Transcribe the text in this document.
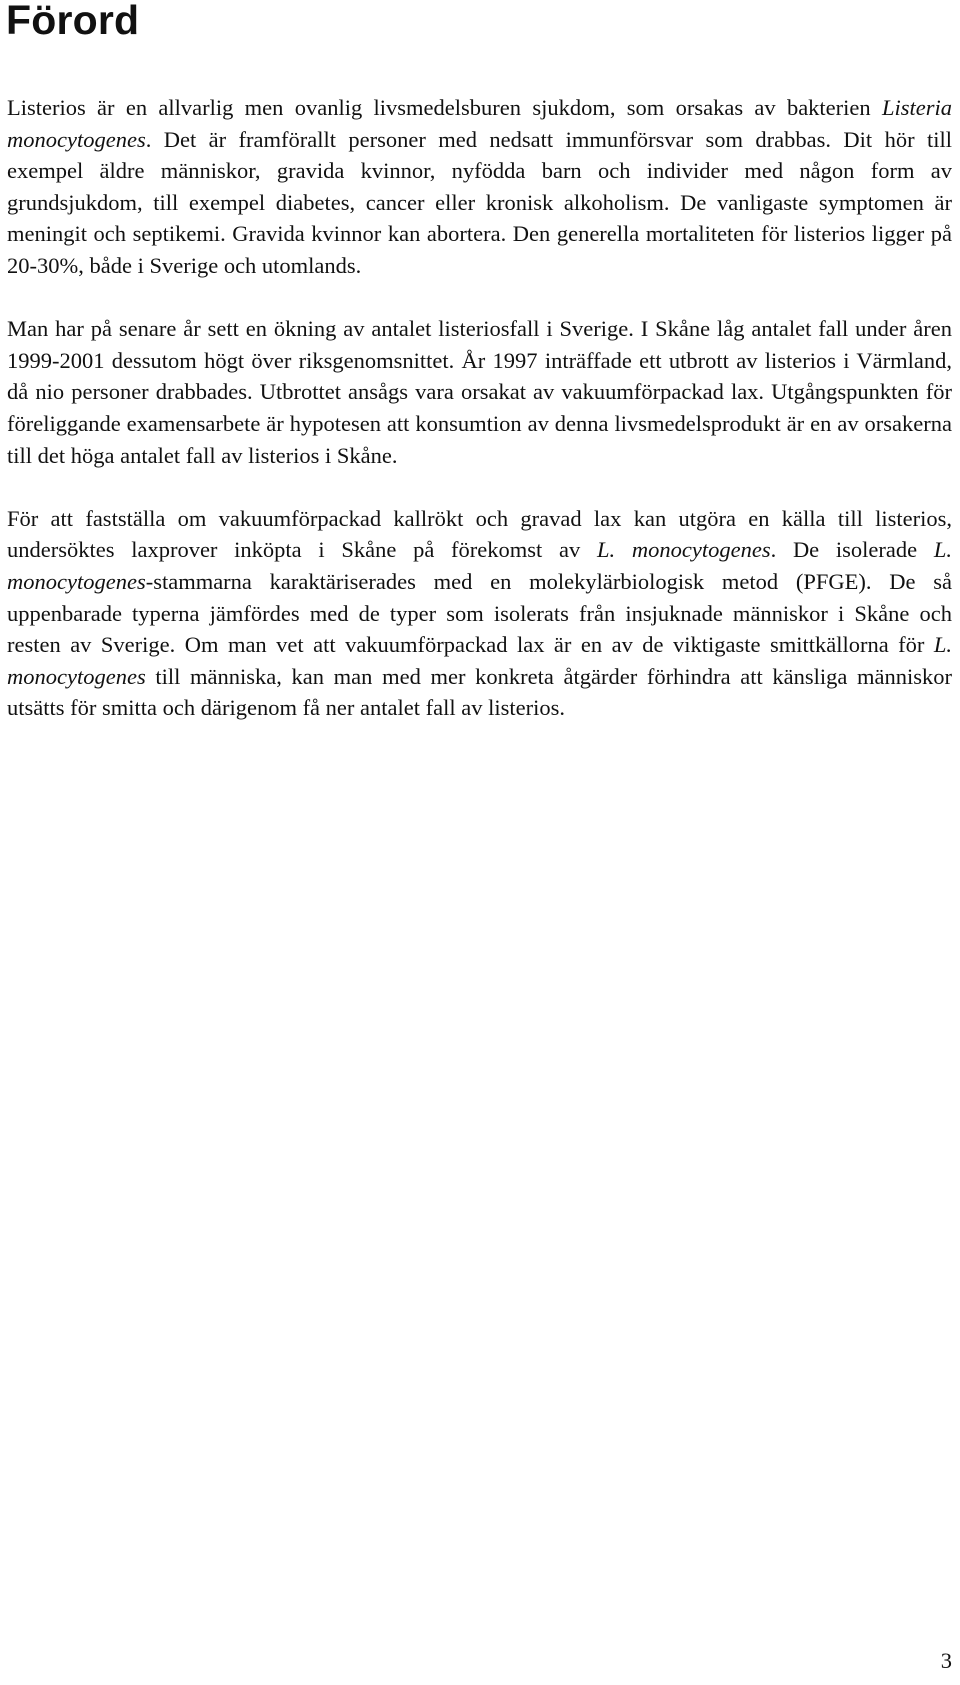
Förord

Listerios är en allvarlig men ovanlig livsmedelsburen sjukdom, som orsakas av bakterien Listeria monocytogenes. Det är framförallt personer med nedsatt immunförsvar som drabbas. Dit hör till exempel äldre människor, gravida kvinnor, nyfödda barn och individer med någon form av grundsjukdom, till exempel diabetes, cancer eller kronisk alkoholism. De vanligaste symptomen är meningit och septikemi. Gravida kvinnor kan abortera. Den generella mortaliteten för listerios ligger på 20-30%, både i Sverige och utomlands.

Man har på senare år sett en ökning av antalet listeriosfall i Sverige. I Skåne låg antalet fall under åren 1999-2001 dessutom högt över riksgenomsnittet. År 1997 inträffade ett utbrott av listerios i Värmland, då nio personer drabbades. Utbrottet ansågs vara orsakat av vakuumförpackad lax. Utgångspunkten för föreliggande examensarbete är hypotesen att konsumtion av denna livsmedelsprodukt är en av orsakerna till det höga antalet fall av listerios i Skåne.

För att fastställa om vakuumförpackad kallrökt och gravad lax kan utgöra en källa till listerios, undersöktes laxprover inköpta i Skåne på förekomst av L. monocytogenes. De isolerade L. monocytogenes-stammarna karaktäriserades med en molekylärbiologisk metod (PFGE). De så uppenbarade typerna jämfördes med de typer som isolerats från insjuknade människor i Skåne och resten av Sverige. Om man vet att vakuumförpackad lax är en av de viktigaste smittkällorna för L. monocytogenes till människa, kan man med mer konkreta åtgärder förhindra att känsliga människor utsätts för smitta och därigenom få ner antalet fall av listerios.

3
